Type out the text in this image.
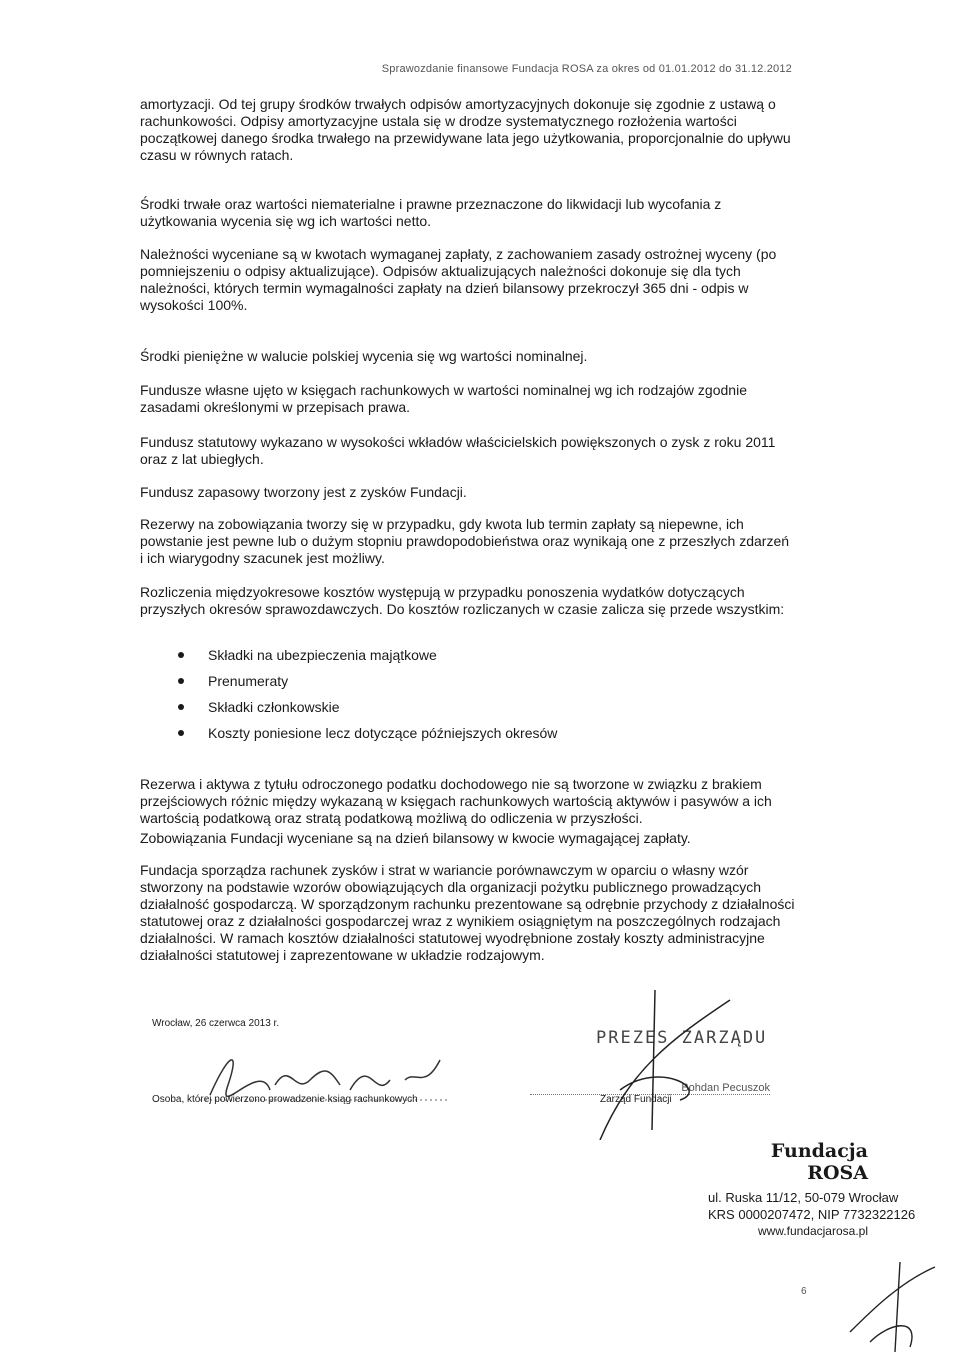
Sprawozdanie finansowe Fundacja ROSA za okres od 01.01.2012 do 31.12.2012
amortyzacji. Od tej grupy środków trwałych odpisów amortyzacyjnych dokonuje się zgodnie z ustawą o rachunkowości. Odpisy amortyzacyjne ustala się w drodze systematycznego rozłożenia wartości początkowej danego środka trwałego na przewidywane lata jego użytkowania, proporcjonalnie do upływu czasu w równych ratach.
Środki trwałe oraz wartości niematerialne i prawne przeznaczone do likwidacji lub wycofania z użytkowania wycenia się wg ich wartości netto.
Należności wyceniane są w kwotach wymaganej zapłaty, z zachowaniem zasady ostrożnej wyceny (po pomniejszeniu o odpisy aktualizujące). Odpisów aktualizujących należności dokonuje się dla tych należności, których termin wymagalności zapłaty na dzień bilansowy przekroczył 365 dni - odpis w wysokości 100%.
Środki pieniężne w walucie polskiej wycenia się wg wartości nominalnej.
Fundusze własne ujęto w księgach rachunkowych w wartości nominalnej wg ich rodzajów zgodnie zasadami określonymi w przepisach prawa.
Fundusz statutowy wykazano w wysokości wkładów właścicielskich powiększonych o zysk z roku 2011 oraz z lat ubiegłych.
Fundusz zapasowy tworzony jest z zysków Fundacji.
Rezerwy na zobowiązania tworzy się w przypadku, gdy kwota lub termin zapłaty są niepewne, ich powstanie jest pewne lub o dużym stopniu prawdopodobieństwa oraz wynikają one z przeszłych zdarzeń i ich wiarygodny szacunek jest możliwy.
Rozliczenia międzyokresowe kosztów występują w przypadku ponoszenia wydatków dotyczących przyszłych okresów sprawozdawczych. Do kosztów rozliczanych w czasie zalicza się przede wszystkim:
Składki na ubezpieczenia majątkowe
Prenumeraty
Składki członkowskie
Koszty poniesione lecz dotyczące późniejszych okresów
Rezerwa i aktywa z tytułu odroczonego podatku dochodowego nie są tworzone w związku z brakiem przejściowych różnic między wykazaną w księgach rachunkowych wartością aktywów i pasywów a ich wartością podatkową oraz stratą podatkową możliwą do odliczenia w przyszłości.
Zobowiązania Fundacji wyceniane są na dzień bilansowy w kwocie wymagającej zapłaty.
Fundacja sporządza rachunek zysków i strat w wariancie porównawczym w oparciu o własny wzór stworzony na podstawie wzorów obowiązujących dla organizacji pożytku publicznego prowadzących działalność gospodarczą. W sporządzonym rachunku prezentowane są odrębnie przychody z działalności statutowej oraz z działalności gospodarczej wraz z wynikiem osiągniętym na poszczególnych rodzajach działalności. W ramach kosztów działalności statutowej wyodrębnione zostały koszty administracyjne działalności statutowej i zaprezentowane w układzie rodzajowym.
Wrocław, 26 czerwca 2013 r.
Osoba, której powierzono prowadzenie ksiąg rachunkowych
PREZES ZARZĄDU
Bohdan Pecuszok
Zarząd Fundacji
Fundacja ROSA
ul. Ruska 11/12, 50-079 Wrocław
KRS 0000207472, NIP 7732322126
www.fundacjarosa.pl
6
